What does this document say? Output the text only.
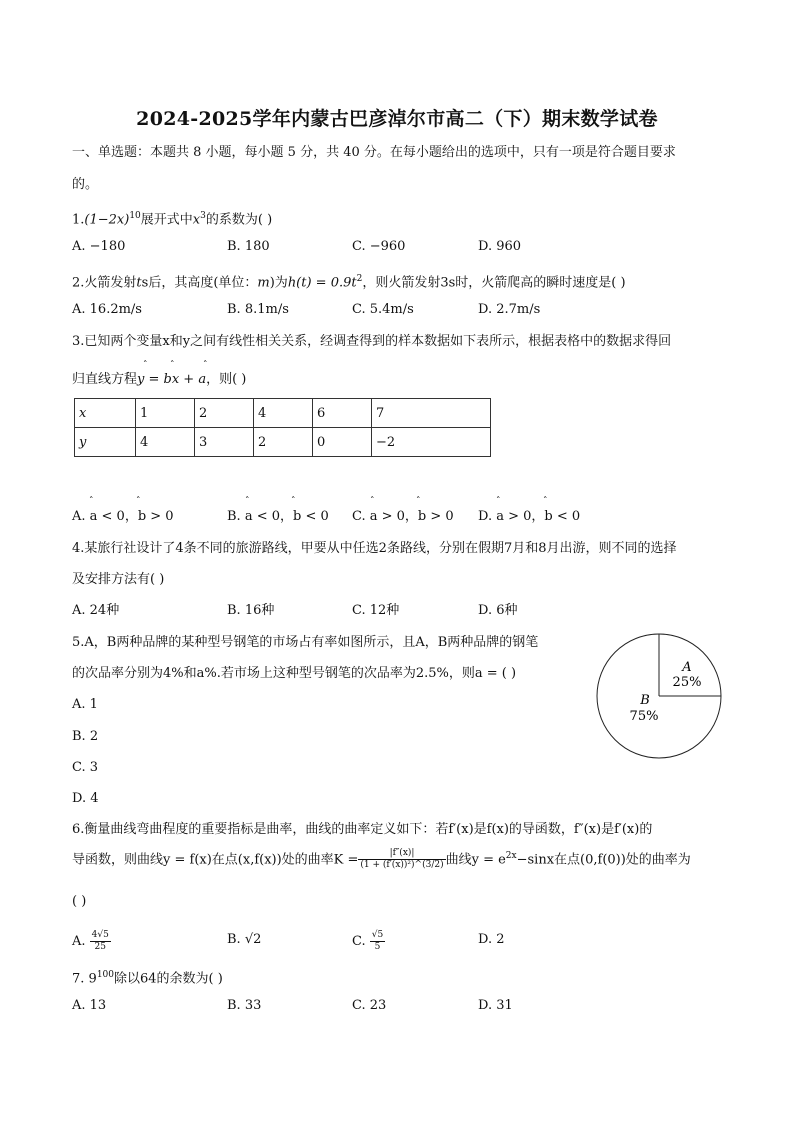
2024-2025学年内蒙古巴彦淖尔市高二（下）期末数学试卷
一、单选题：本题共 8 小题，每小题 5 分，共 40 分。在每小题给出的选项中，只有一项是符合题目要求
的。
$1.(1-2x)^{10}$展开式中$x^3$的系数为( )
A. −180	B. 180	C. −960	D. 960
2.火箭发射ts后，其高度(单位：m)为$h(t) = 0.9t^2$，则火箭发射3s时，火箭爬高的瞬时速度是( )
A. 16.2m/s	B. 8.1m/s	C. 5.4m/s	D. 2.7m/s
3.已知两个变量x和y之间有线性相关关系，经调查得到的样本数据如下表所示，根据表格中的数据求得回
归直线方程y = bx + a，则( )
ˆ	ˆ	ˆ
x	1	2	4	6	7
y	4	3	2	0	−2
A. a < 0，b > 0	B. a < 0，b < 0 C. a > 0，b > 0 D. a > 0，b < 0
ˆ	ˆ	ˆ	ˆ	ˆ	ˆ	ˆ	ˆ
4.某旅行社设计了4条不同的旅游路线，甲要从中任选2条路线，分别在假期7月和8月出游，则不同的选择
及安排方法有( )
A. 24种	B. 16种	C. 12种	D. 6种
5.A，B两种品牌的某种型号钢笔的市场占有率如图所示，且A，B两种品牌的钢笔
的次品率分别为4%和a%.若市场上这种型号钢笔的次品率为2.5%，则a = ( )
A. 1
B. 2
C. 3
D. 4
A
25%
B
75%
6.衡量曲线弯曲程度的重要指标是曲率，曲线的曲率定义如下：若f′(x)是f(x)的导函数，f″(x)是f′(x)的
导函数，则曲线y = f(x)在点(x,f(x))处的曲率$K = \frac{|f''(x)|}{\text{(1 + (f′(x))²)\textasciicircum{}(3/2)}}$ 曲线$y = e^{2x}-\sin x$在点(0,f(0))处的曲率为
( )
A. $\frac{4√5}{25}$	B. √2	C. $\frac{√5}{5}$	D. 2
7. $9^{100}$除以64的余数为( )
A. 13	B. 33	C. 23	D. 31
